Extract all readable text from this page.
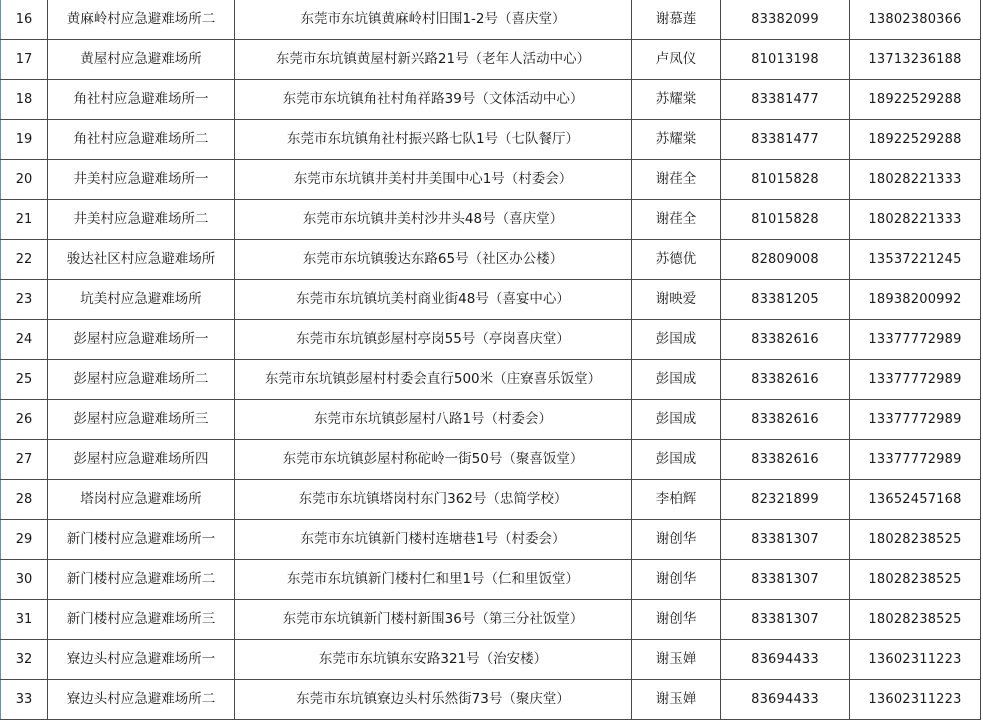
16	黄麻岭村应急避难场所二	东莞市东坑镇黄麻岭村旧围1-2号（喜庆堂）	谢慕莲	83382099	13802380366
17	黄屋村应急避难场所	东莞市东坑镇黄屋村新兴路21号（老年人活动中心）	卢凤仪	81013198	13713236188
18	角社村应急避难场所一	东莞市东坑镇角社村角祥路39号（文体活动中心）	苏耀棠	83381477	18922529288
19	角社村应急避难场所二	东莞市东坑镇角社村振兴路七队1号（七队餐厅）	苏耀棠	83381477	18922529288
20	井美村应急避难场所一	东莞市东坑镇井美村井美围中心1号（村委会）	谢荏全	81015828	18028221333
21	井美村应急避难场所二	东莞市东坑镇井美村沙井头48号（喜庆堂）	谢荏全	81015828	18028221333
22	骏达社区村应急避难场所	东莞市东坑镇骏达东路65号（社区办公楼）	苏德优	82809008	13537221245
23	坑美村应急避难场所	东莞市东坑镇坑美村商业街48号（喜宴中心）	谢映爱	83381205	18938200992
24	彭屋村应急避难场所一	东莞市东坑镇彭屋村亭岗55号（亭岗喜庆堂）	彭国成	83382616	13377772989
25	彭屋村应急避难场所二	东莞市东坑镇彭屋村村委会直行500米（庄寮喜乐饭堂）	彭国成	83382616	13377772989
26	彭屋村应急避难场所三	东莞市东坑镇彭屋村八路1号（村委会）	彭国成	83382616	13377772989
27	彭屋村应急避难场所四	东莞市东坑镇彭屋村称砣岭一街50号（聚喜饭堂）	彭国成	83382616	13377772989
28	塔岗村应急避难场所	东莞市东坑镇塔岗村东门362号（忠简学校）	李柏辉	82321899	13652457168
29	新门楼村应急避难场所一	东莞市东坑镇新门楼村连塘巷1号（村委会）	谢创华	83381307	18028238525
30	新门楼村应急避难场所二	东莞市东坑镇新门楼村仁和里1号（仁和里饭堂）	谢创华	83381307	18028238525
31	新门楼村应急避难场所三	东莞市东坑镇新门楼村新围36号（第三分社饭堂）	谢创华	83381307	18028238525
32	寮边头村应急避难场所一	东莞市东坑镇东安路321号（治安楼）	谢玉婵	83694433	13602311223
33	寮边头村应急避难场所二	东莞市东坑镇寮边头村乐然街73号（聚庆堂）	谢玉婵	83694433	13602311223
